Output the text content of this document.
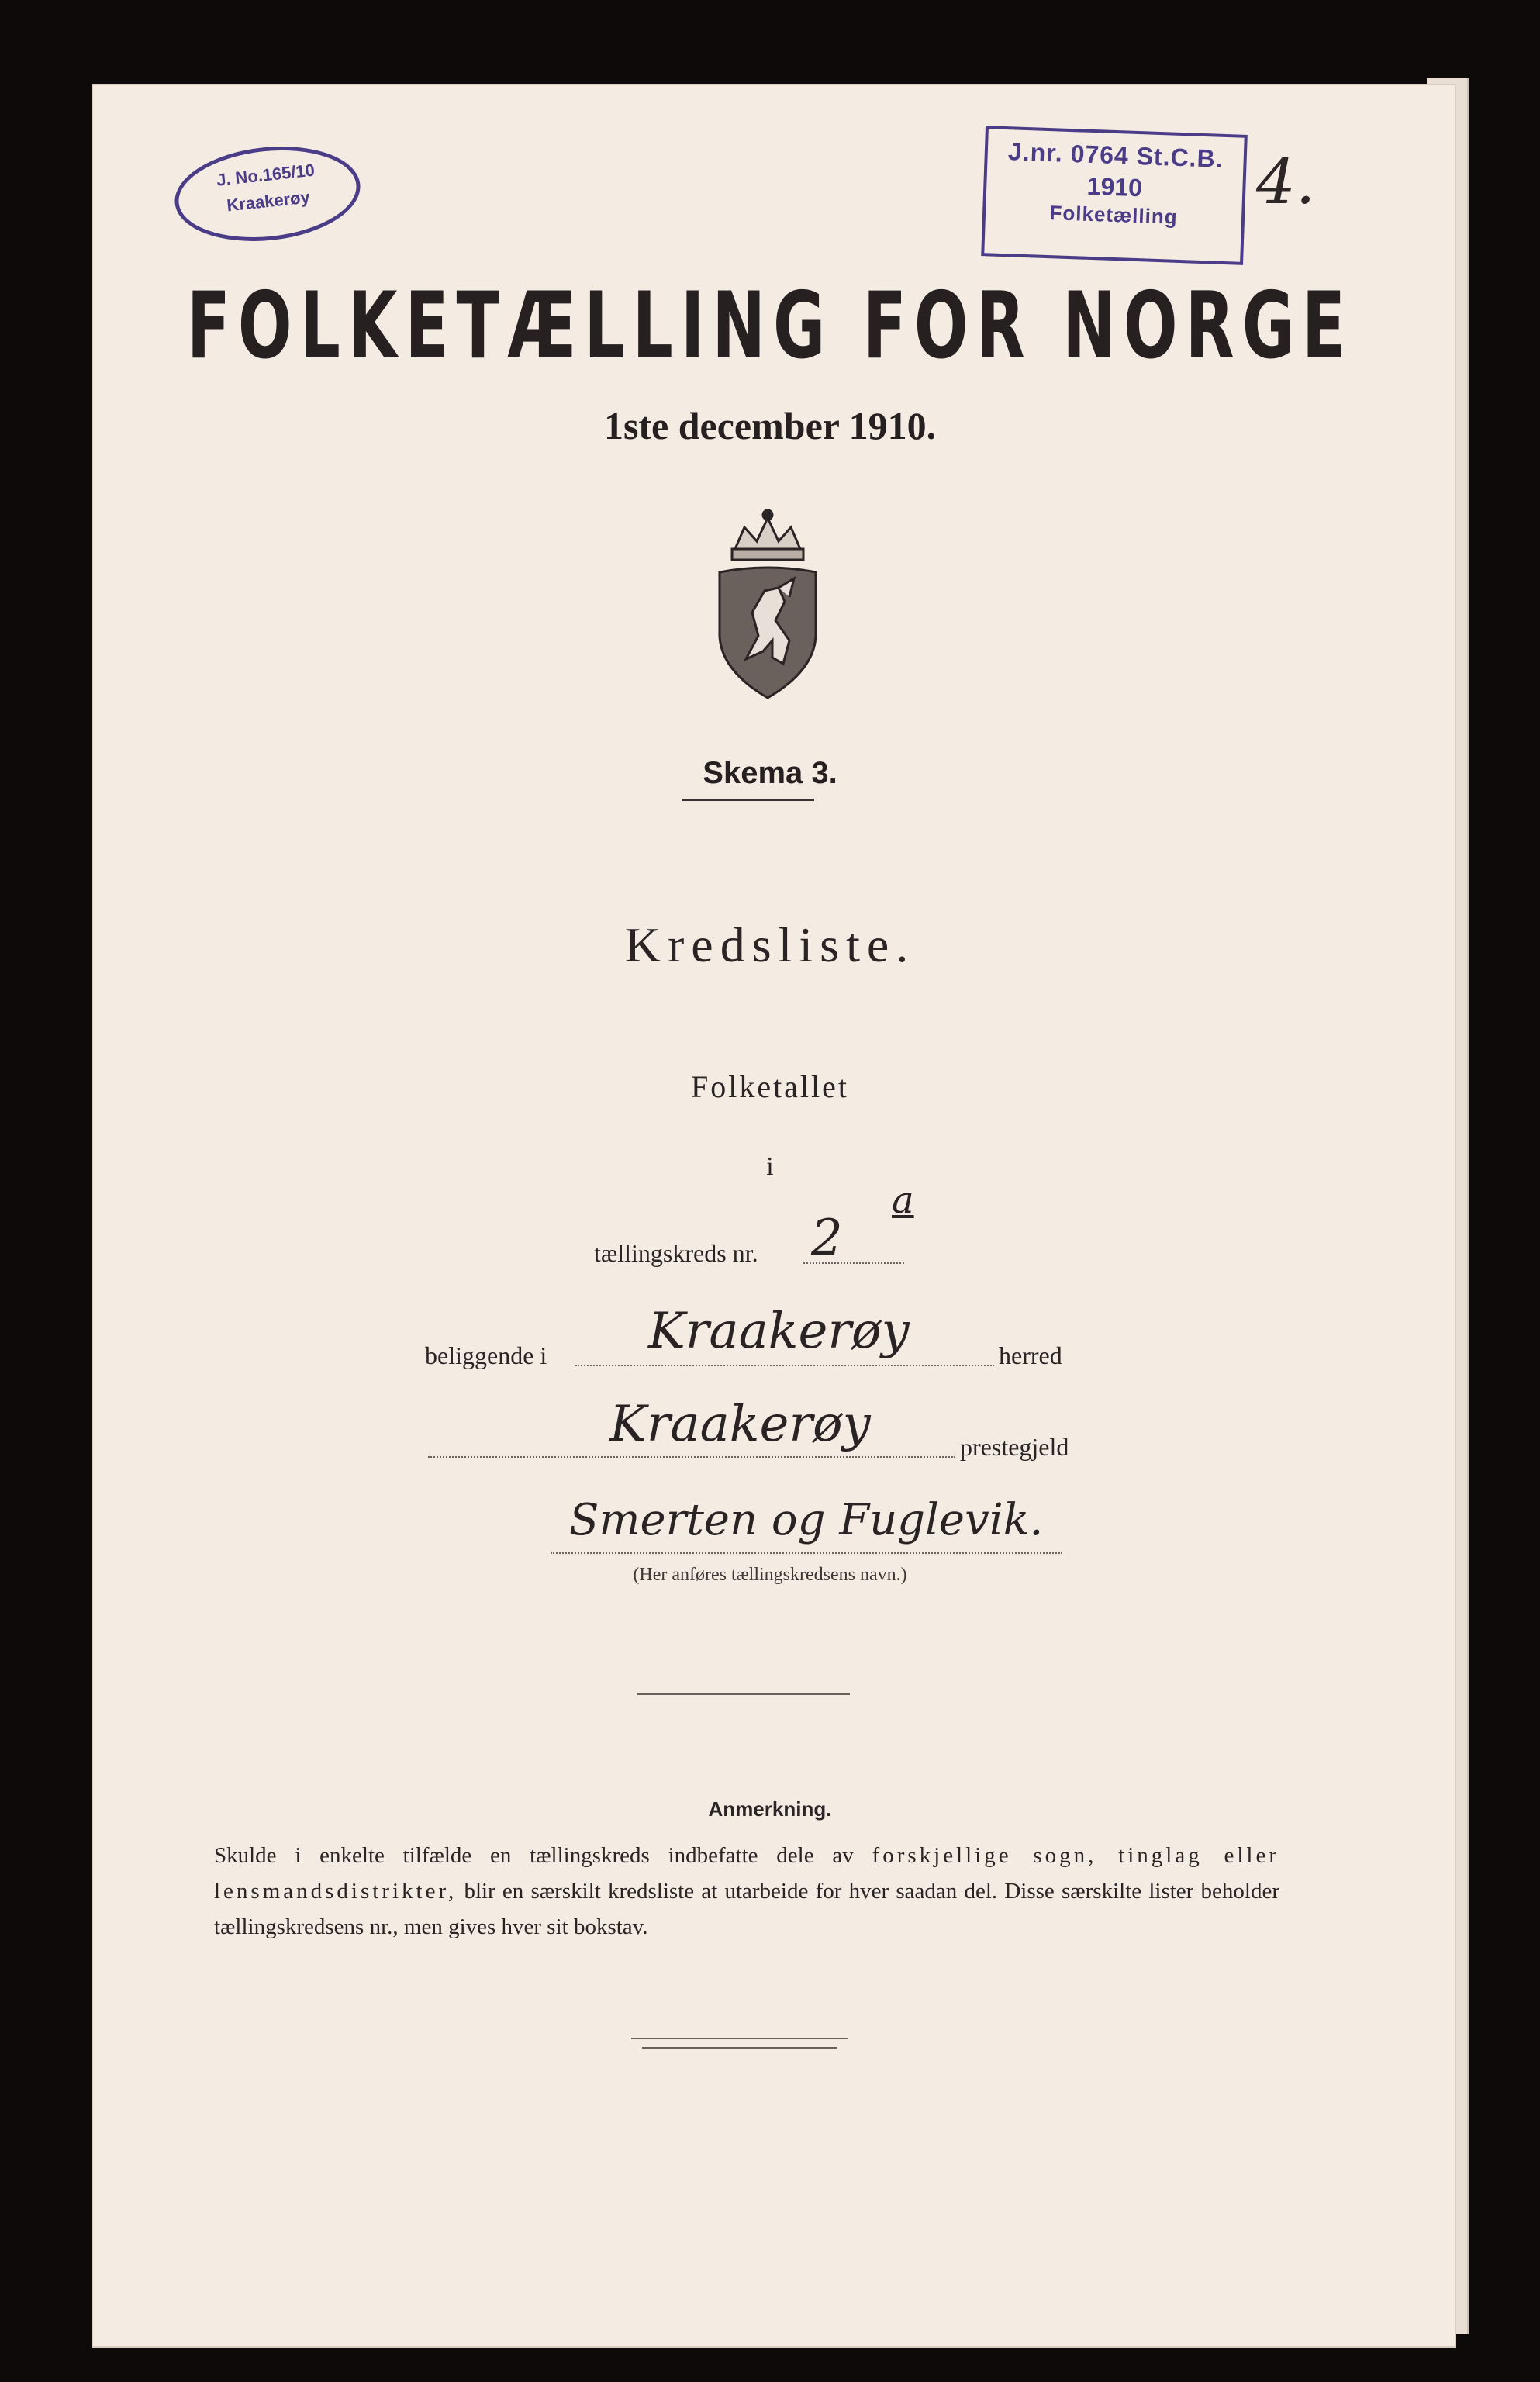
J. No.165/10
Kraakerøy
J.nr. 0764 St.C.B.
1910
Folketælling	4.
FOLKETÆLLING FOR NORGE
1ste december 1910.
Skema 3.
Kredsliste.
Folketallet
i
tællingskreds nr. 2
a
beliggende i Kraakerøy	herred
Kraakerøy	prestegjeld
Smerten og Fuglevik.
(Her anføres tællingskredsens navn.)
Anmerkning.
Skulde i enkelte tilfælde en tællingskreds indbefatte dele av forskjellige sogn, tinglag eller lensmandsdistrikter, blir en særskilt kredsliste at utarbeide for hver saadan del. Disse særskilte lister beholder tællingskredsens nr., men gives hver sit bokstav.
